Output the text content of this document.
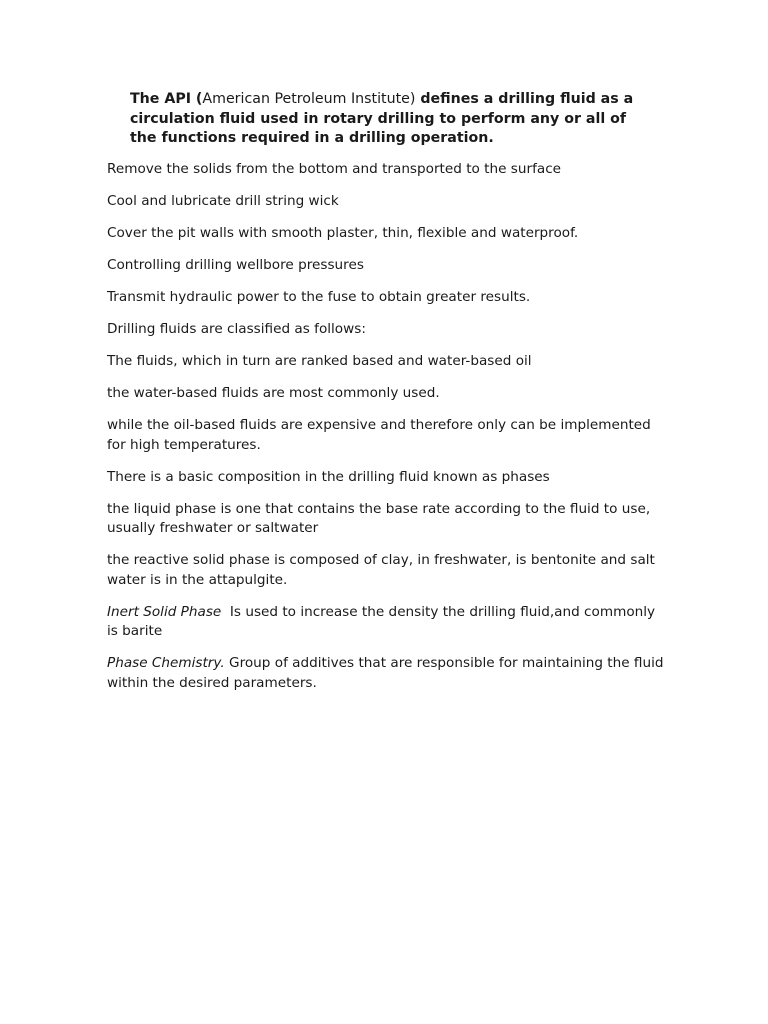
The API (American Petroleum Institute) defines a drilling fluid as a circulation fluid used in rotary drilling to perform any or all of the functions required in a drilling operation.

Remove the solids from the bottom and transported to the surface

Cool and lubricate drill string wick

Cover the pit walls with smooth plaster, thin, flexible and waterproof.

Controlling drilling wellbore pressures

Transmit hydraulic power to the fuse to obtain greater results.

Drilling fluids are classified as follows:

The fluids, which in turn are ranked based and water-based oil

the water-based fluids are most commonly used.

while the oil-based fluids are expensive and therefore only can be implemented for high temperatures.

There is a basic composition in the drilling fluid known as phases

the liquid phase is one that contains the base rate according to the fluid to use, usually freshwater or saltwater

the reactive solid phase is composed of clay, in freshwater, is bentonite and salt water is in the attapulgite.

Inert Solid Phase  Is used to increase the density the drilling fluid,and commonly is barite

Phase Chemistry. Group of additives that are responsible for maintaining the fluid within the desired parameters.
